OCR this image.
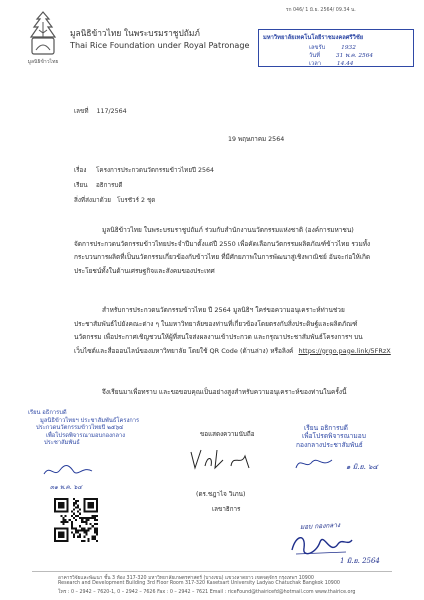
รก 046/ 1 มิ.ย. 2564/ 09.34 น.
มูลนิธิข้าวไทย
มูลนิธิข้าวไทย ในพระบรมราชูปถัมภ์
Thai Rice Foundation under Royal Patronage
มหาวิทยาลัยเทคโนโลยีราชมงคลศรีวิชัย
เลขรับ	1932
วันที่	31 พ.ค. 2564
เวลา	14.44
เลขที่ 117/2564
19 พฤษภาคม 2564
เรื่อง โครงการประกวดนวัตกรรมข้าวไทยปี 2564
เรียน อธิการบดี
สิ่งที่ส่งมาด้วย โบรชัวร์ 2 ชุด
มูลนิธิข้าวไทย ในพระบรมราชูปถัมภ์ ร่วมกับสำนักงานนวัตกรรมแห่งชาติ (องค์การมหาชน)
จัดการประกวดนวัตกรรมข้าวไทยประจำปีมาตั้งแต่ปี 2550 เพื่อคัดเลือกนวัตกรรมผลิตภัณฑ์ข้าวไทย รวมทั้ง
กระบวนการผลิตที่เป็นนวัตกรรมเกี่ยวข้องกับข้าวไทย ที่มีศักยภาพในการพัฒนาสู่เชิงพาณิชย์ อันจะก่อให้เกิด
ประโยชน์ทั้งในด้านเศรษฐกิจและสังคมของประเทศ
สำหรับการประกวดนวัตกรรมข้าวไทย ปี 2564 มูลนิธิฯ ใคร่ขอความอนุเคราะห์ท่านช่วย
ประชาสัมพันธ์ไปยังคณะต่าง ๆ ในมหาวิทยาลัยของท่านที่เกี่ยวข้องโดยตรงกับสิ่งประดิษฐ์และผลิตภัณฑ์
นวัตกรรม เพื่อประกาศเชิญชวนให้ผู้ที่สนใจส่งผลงานเข้าประกวด และกรุณาประชาสัมพันธ์โครงการฯ บน
เว็บไซต์และสื่อออนไลน์ของมหาวิทยาลัย โดยใช้ QR Code (ด้านล่าง) หรือลิงค์ https://grgo.page.link/5FRzX
จึงเรียนมาเพื่อทราบ และขอขอบคุณเป็นอย่างสูงสำหรับความอนุเคราะห์ของท่านในครั้งนี้
เรียน อธิการบดี
มูลนิธิข้าวไทยฯ ประชาสัมพันธ์โครงการ
ประกวดนวัตกรรมข้าวไทยปี ๒๕๖๔
เพื่อโปรดพิจารณามอบกองกลาง
ประชาสัมพันธ์
๓๑ พ.ค. ๖๔
ขอแสดงความนับถือ
(ดร.ชฎาไจ วิเภน)
เลขาธิการ
เรียน อธิการบดี
เพื่อโปรดพิจารณามอบ
กองกลางประชาสัมพันธ์
๑ มิ.ย. ๖๔
มอบ กองกลาง
1 มิ.ย. 2564
อาคารวิจัยและพัฒนา ชั้น 3 ห้อง 317-320 มหาวิทยาลัยเกษตรศาสตร์ (บางเขน) แขวงลาดยาว เขตจตุจักร กรุงเทพฯ 10900
Research and Development Building 3rd Floor Room 317-320 Kasetsart University Ladyao Chatuchak Bangkok 10900
โทร : 0 – 2942 – 7620-1, 0 – 2942 – 7626 Fax : 0 – 2942 – 7621 Email : riceFound@thairicefd@hotmail.com www.thairice.org
